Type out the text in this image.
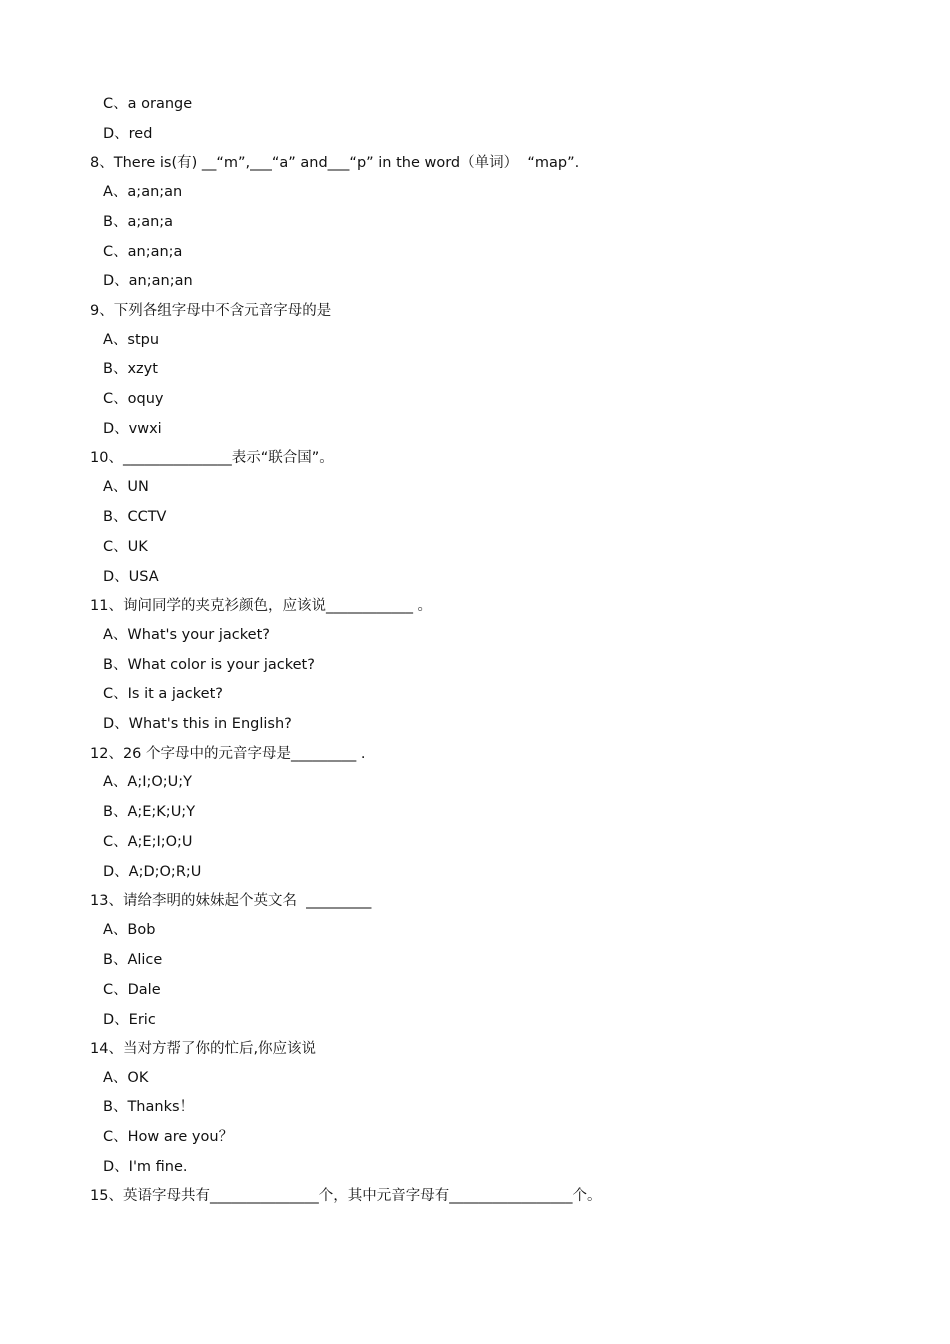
C、a orange
D、red
8、There is(有) __“m”,___“a” and___“p” in the word（单词）  “map”.
A、a;an;an
B、a;an;a
C、an;an;a
D、an;an;an
9、下列各组字母中不含元音字母的是
A、stpu
B、xzyt
C、oquy
D、vwxi
10、_______________表示“联合国”。
A、UN
B、CCTV
C、UK
D、USA
11、询问同学的夹克衫颜色，应该说____________ 。
A、What's your jacket?
B、What color is your jacket?
C、Is it a jacket?
D、What's this in English?
12、26 个字母中的元音字母是_________ .
A、A;I;O;U;Y
B、A;E;K;U;Y
C、A;E;I;O;U
D、A;D;O;R;U
13、请给李明的妹妹起个英文名  _________
A、Bob
B、Alice
C、Dale
D、Eric
14、当对方帮了你的忙后,你应该说
A、OK
B、Thanks！
C、How are you？
D、I'm fine.
15、英语字母共有_______________个，其中元音字母有_________________个。
